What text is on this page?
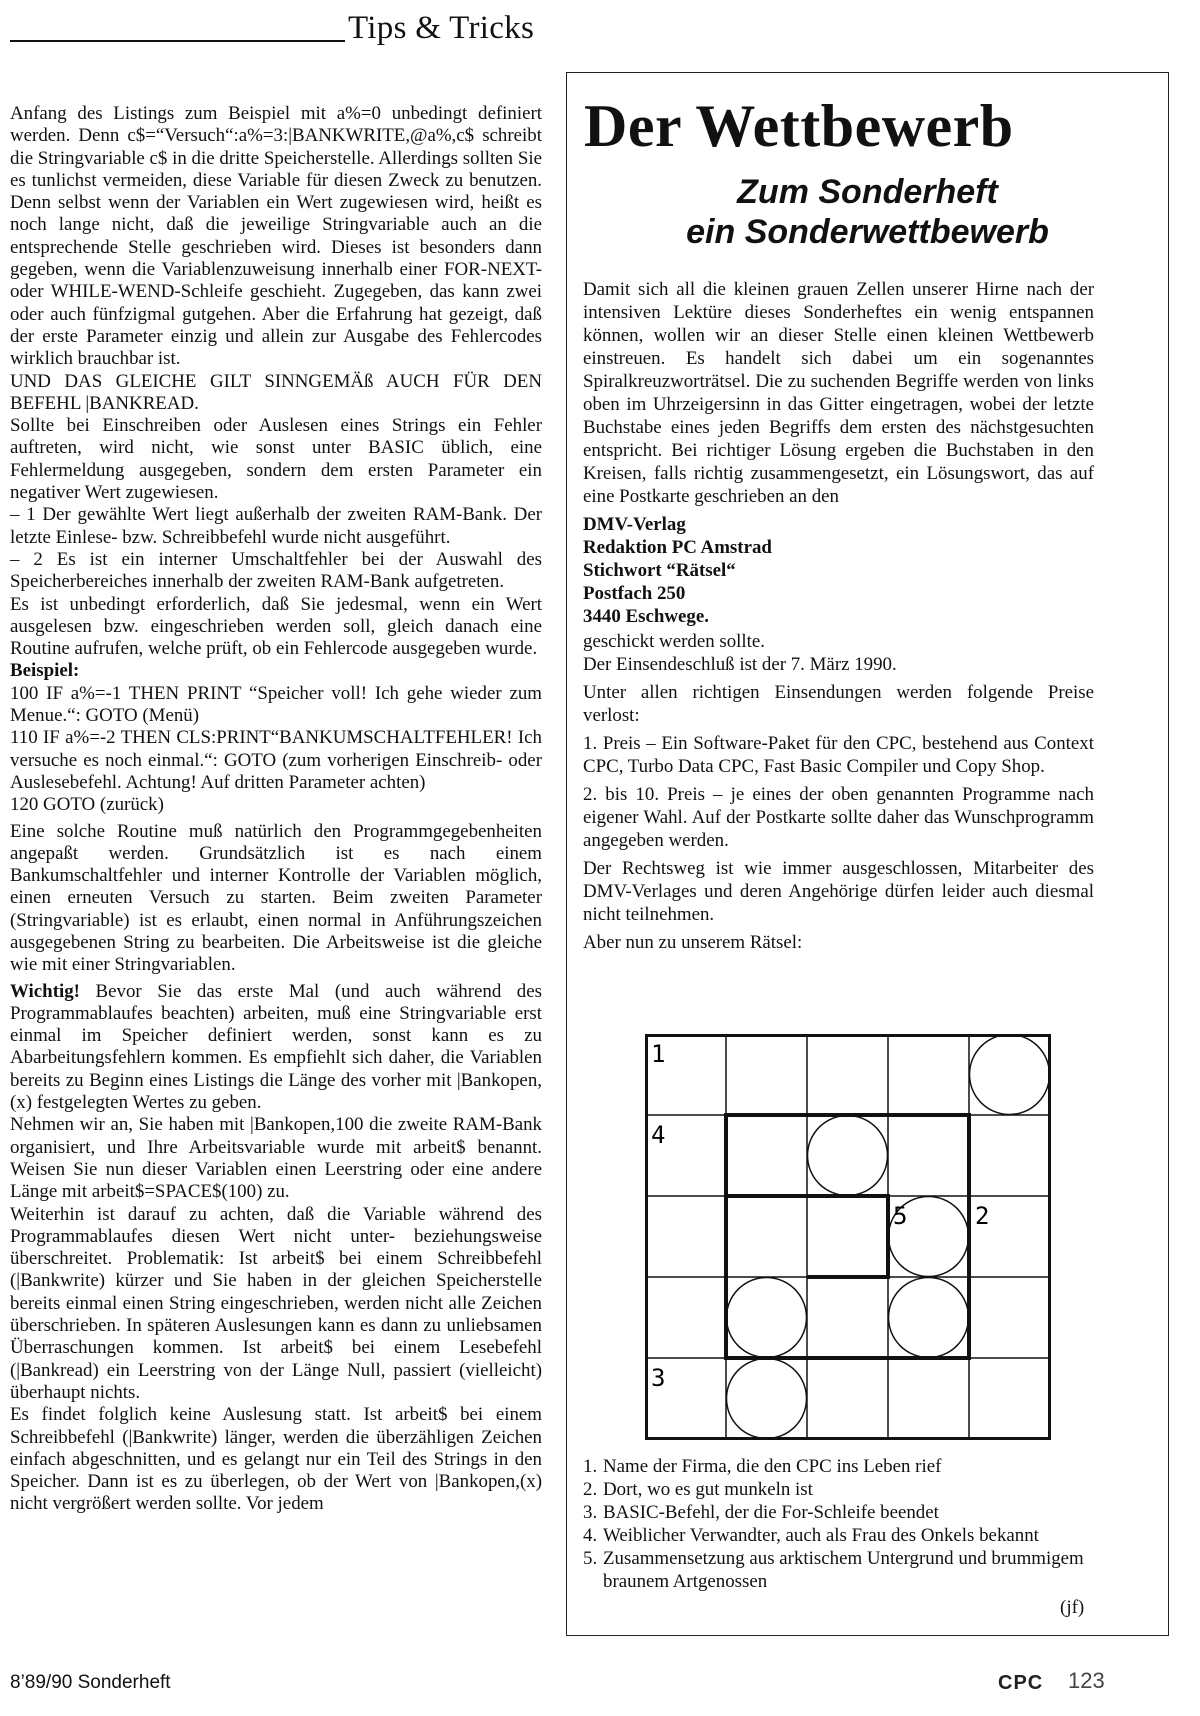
Tips & Tricks

Anfang des Listings zum Beispiel mit a%=0 unbedingt definiert werden. Denn c$=“Versuch“:a%=3:|BANKWRITE,@a%,c$ schreibt die Stringvariable c$ in die dritte Speicherstelle. Allerdings sollten Sie es tunlichst vermeiden, diese Variable für diesen Zweck zu benutzen. Denn selbst wenn der Variablen ein Wert zugewiesen wird, heißt es noch lange nicht, daß die jeweilige Stringvariable auch an die entsprechende Stelle geschrieben wird. Dieses ist besonders dann gegeben, wenn die Variablenzuweisung innerhalb einer FOR-NEXT- oder WHILE-WEND-Schleife geschieht. Zugegeben, das kann zwei oder auch fünfzigmal gutgehen. Aber die Erfahrung hat gezeigt, daß der erste Parameter einzig und allein zur Ausgabe des Fehlercodes wirklich brauchbar ist.

UND DAS GLEICHE GILT SINNGEMÄß AUCH FÜR DEN BEFEHL |BANKREAD.

Sollte bei Einschreiben oder Auslesen eines Strings ein Fehler auftreten, wird nicht, wie sonst unter BASIC üblich, eine Fehlermeldung ausgegeben, sondern dem ersten Parameter ein negativer Wert zugewiesen.

– 1 Der gewählte Wert liegt außerhalb der zweiten RAM-Bank. Der letzte Einlese- bzw. Schreibbefehl wurde nicht ausgeführt.

– 2 Es ist ein interner Umschaltfehler bei der Auswahl des Speicherbereiches innerhalb der zweiten RAM-Bank aufgetreten.

Es ist unbedingt erforderlich, daß Sie jedesmal, wenn ein Wert ausgelesen bzw. eingeschrieben werden soll, gleich danach eine Routine aufrufen, welche prüft, ob ein Fehlercode ausgegeben wurde.

Beispiel:

100 IF a%=-1 THEN PRINT “Speicher voll! Ich gehe wieder zum Menue.“: GOTO (Menü)

110 IF a%=-2 THEN CLS:PRINT“BANKUMSCHALTFEHLER! Ich versuche es noch einmal.“: GOTO (zum vorherigen Einschreib- oder Auslesebefehl. Achtung! Auf dritten Parameter achten)

120 GOTO (zurück)

Eine solche Routine muß natürlich den Programmgegebenheiten angepaßt werden. Grundsätzlich ist es nach einem Bankumschaltfehler und interner Kontrolle der Variablen möglich, einen erneuten Versuch zu starten. Beim zweiten Parameter (Stringvariable) ist es erlaubt, einen normal in Anführungszeichen ausgegebenen String zu bearbeiten. Die Arbeitsweise ist die gleiche wie mit einer Stringvariablen.

Wichtig! Bevor Sie das erste Mal (und auch während des Programmablaufes beachten) arbeiten, muß eine Stringvariable erst einmal im Speicher definiert werden, sonst kann es zu Abarbeitungsfehlern kommen. Es empfiehlt sich daher, die Variablen bereits zu Beginn eines Listings die Länge des vorher mit |Bankopen,(x) festgelegten Wertes zu geben.

Nehmen wir an, Sie haben mit |Bankopen,100 die zweite RAM-Bank organisiert, und Ihre Arbeitsvariable wurde mit arbeit$ benannt. Weisen Sie nun dieser Variablen einen Leerstring oder eine andere Länge mit arbeit$=SPACE$(100) zu.

Weiterhin ist darauf zu achten, daß die Variable während des Programmablaufes diesen Wert nicht unter- beziehungsweise überschreitet. Problematik: Ist arbeit$ bei einem Schreibbefehl (|Bankwrite) kürzer und Sie haben in der gleichen Speicherstelle bereits einmal einen String eingeschrieben, werden nicht alle Zeichen überschrieben. In späteren Auslesungen kann es dann zu unliebsamen Überraschungen kommen. Ist arbeit$ bei einem Lesebefehl (|Bankread) ein Leerstring von der Länge Null, passiert (vielleicht) überhaupt nichts.

Es findet folglich keine Auslesung statt. Ist arbeit$ bei einem Schreibbefehl (|Bankwrite) länger, werden die überzähligen Zeichen einfach abgeschnitten, und es gelangt nur ein Teil des Strings in den Speicher. Dann ist es zu überlegen, ob der Wert von |Bankopen,(x) nicht vergrößert werden sollte. Vor jedem

Der Wettbewerb
Zum Sonderheft
ein Sonderwettbewerb

Damit sich all die kleinen grauen Zellen unserer Hirne nach der intensiven Lektüre dieses Sonderheftes ein wenig entspannen können, wollen wir an dieser Stelle einen kleinen Wettbewerb einstreuen. Es handelt sich dabei um ein sogenanntes Spiralkreuzworträtsel. Die zu suchenden Begriffe werden von links oben im Uhrzeigersinn in das Gitter eingetragen, wobei der letzte Buchstabe eines jeden Begriffs dem ersten des nächstgesuchten entspricht. Bei richtiger Lösung ergeben die Buchstaben in den Kreisen, falls richtig zusammengesetzt, ein Lösungswort, das auf eine Postkarte geschrieben an den

DMV-Verlag
Redaktion PC Amstrad
Stichwort “Rätsel“
Postfach 250
3440 Eschwege.

geschickt werden sollte.

Der Einsendeschluß ist der 7. März 1990.

Unter allen richtigen Einsendungen werden folgende Preise verlost:

1. Preis – Ein Software-Paket für den CPC, bestehend aus Context CPC, Turbo Data CPC, Fast Basic Compiler und Copy Shop.

2. bis 10. Preis – je eines der oben genannten Programme nach eigener Wahl. Auf der Postkarte sollte daher das Wunschprogramm angegeben werden.

Der Rechtsweg ist wie immer ausgeschlossen, Mitarbeiter des DMV-Verlages und deren Angehörige dürfen leider auch diesmal nicht teilnehmen.

Aber nun zu unserem Rätsel:

1
4
5	2
3
1. Name der Firma, die den CPC ins Leben rief
2. Dort, wo es gut munkeln ist
3. BASIC-Befehl, der die For-Schleife beendet
4. Weiblicher Verwandter, auch als Frau des Onkels bekannt
5. Zusammensetzung aus arktischem Untergrund und brummigem braunem Artgenossen
(jf)
8’89/90 Sonderheft	CPC 123
